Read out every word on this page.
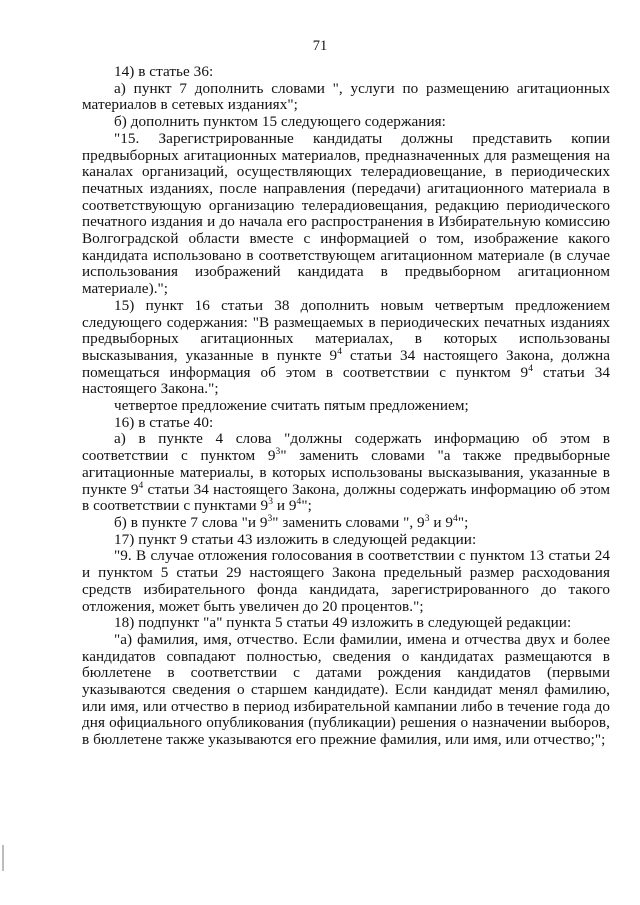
71

14) в статье 36:

а) пункт 7 дополнить словами ", услуги по размещению агитационных материалов в сетевых изданиях";

б) дополнить пунктом 15 следующего содержания:

"15. Зарегистрированные кандидаты должны представить копии предвыборных агитационных материалов, предназначенных для размещения на каналах организаций, осуществляющих телерадиовещание, в периодических печатных изданиях, после направления (передачи) агитационного материала в соответствующую организацию телерадиовещания, редакцию периодического печатного издания и до начала его распространения в Избирательную комиссию Волгоградской области вместе с информацией о том, изображение какого кандидата использовано в соответствующем агитационном материале (в случае использования изображений кандидата в предвыборном агитационном материале).";

15) пункт 16 статьи 38 дополнить новым четвертым предложением следующего содержания: "В размещаемых в периодических печатных изданиях предвыборных агитационных материалах, в которых использованы высказывания, указанные в пункте $9^4$ статьи 34 настоящего Закона, должна помещаться информация об этом в соответствии с пунктом $9^4$ статьи 34 настоящего Закона.";

четвертое предложение считать пятым предложением;

16) в статье 40:

а) в пункте 4 слова "должны содержать информацию об этом в соответствии с пунктом $9^3$" заменить словами "а также предвыборные агитационные материалы, в которых использованы высказывания, указанные в пункте $9^4$ статьи 34 настоящего Закона, должны содержать информацию об этом в соответствии с пунктами $9^3$ и $9^4$";

б) в пункте 7 слова "и $9^3$" заменить словами ", $9^3$ и $9^4$";

17) пункт 9 статьи 43 изложить в следующей редакции:

"9. В случае отложения голосования в соответствии с пунктом 13 статьи 24 и пунктом 5 статьи 29 настоящего Закона предельный размер расходования средств избирательного фонда кандидата, зарегистрированного до такого отложения, может быть увеличен до 20 процентов.";

18) подпункт "а" пункта 5 статьи 49 изложить в следующей редакции:

"а) фамилия, имя, отчество. Если фамилии, имена и отчества двух и более кандидатов совпадают полностью, сведения о кандидатах размещаются в бюллетене в соответствии с датами рождения кандидатов (первыми указываются сведения о старшем кандидате). Если кандидат менял фамилию, или имя, или отчество в период избирательной кампании либо в течение года до дня официального опубликования (публикации) решения о назначении выборов, в бюллетене также указываются его прежние фамилия, или имя, или отчество;";
